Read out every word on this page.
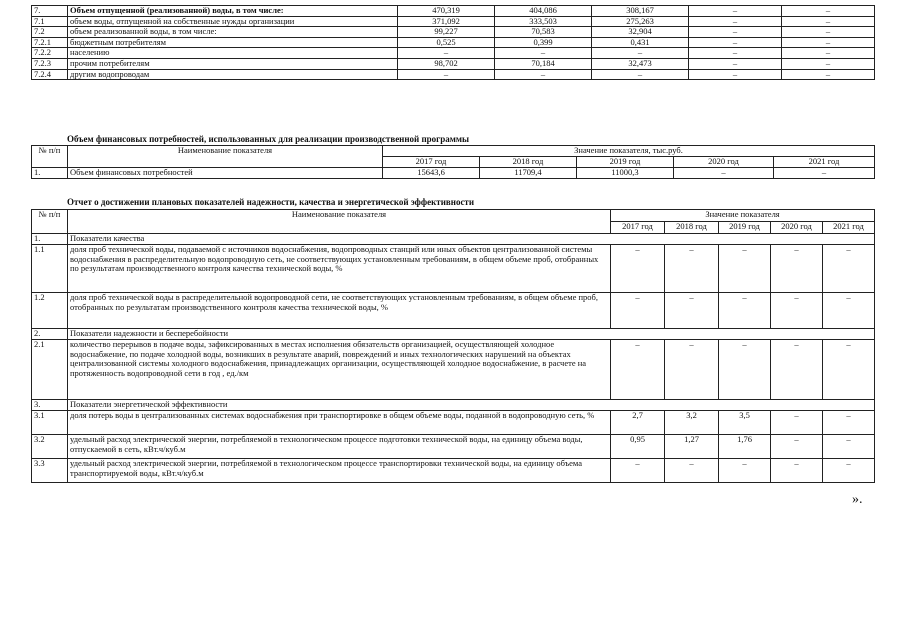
7.	Объем отпущенной (реализованной) воды, в том числе:	470,319	404,086	308,167	–	–
7.1	объем воды, отпущенной на собственные нужды организации	371,092	333,503	275,263	–	–
7.2	объем реализованной воды, в том числе:	99,227	70,583	32,904	–	–
7.2.1	бюджетным потребителям	0,525	0,399	0,431	–	–
7.2.2	населению	–	–	–	–	–
7.2.3	прочим потребителям	98,702	70,184	32,473	–	–
7.2.4	другим водопроводам	–	–	–	–	–
Объем финансовых потребностей, использованных для реализации производственной программы
№ п/п	Наименование показателя	Значение показателя, тыс.руб.				
		2017 год	2018 год	2019 год	2020 год	2021 год
1.	Объем финансовых потребностей	15643,6	11709,4	11000,3	–	–
Отчет о достижении плановых показателей надежности, качества и энергетической эффективности
№ п/п	Наименование показателя	Значение показателя				
		2017 год	2018 год	2019 год	2020 год	2021 год
1.	Показатели качества					
1.1	доля проб технической воды, подаваемой с источников водоснабжения, водопроводных станций или иных объектов централизованной системы водоснабжения в распределительную водопроводную сеть, не соответствующих установленным требованиям, в общем объеме проб, отобранных по результатам производственного контроля качества технической воды, %	–	–	–	–	–
1.2	доля проб технической воды в распределительной водопроводной сети, не соответствующих установленным требованиям, в общем объеме проб, отобранных по результатам производственного контроля качества технической воды, %	–	–	–	–	–
2.	Показатели надежности и бесперебойности					
2.1	количество перерывов в подаче воды, зафиксированных в местах исполнения обязательств организацией, осуществляющей холодное водоснабжение, по подаче холодной воды, возникших в результате аварий, повреждений и иных технологических нарушений на объектах централизованной системы холодного водоснабжения, принадлежащих организации, осуществляющей холодное водоснабжение, в расчете на протяженность водопроводной сети в год , ед./км	–	–	–	–	–
3.	Показатели энергетической эффективности					
3.1	доля потерь воды в централизованных системах водоснабжения при транспортировке в общем объеме воды, поданной в водопроводную сеть, %	2,7	3,2	3,5	–	–
3.2	удельный расход электрической энергии, потребляемой в технологическом процессе подготовки технической воды, на единицу объема воды, отпускаемой в сеть, кВт.ч/куб.м	0,95	1,27	1,76	–	–
3.3	удельный расход электрической энергии, потребляемой в технологическом процессе транспортировки технической воды, на единицу объема транспортируемой воды, кВт.ч/куб.м	–	–	–	–	–
».
